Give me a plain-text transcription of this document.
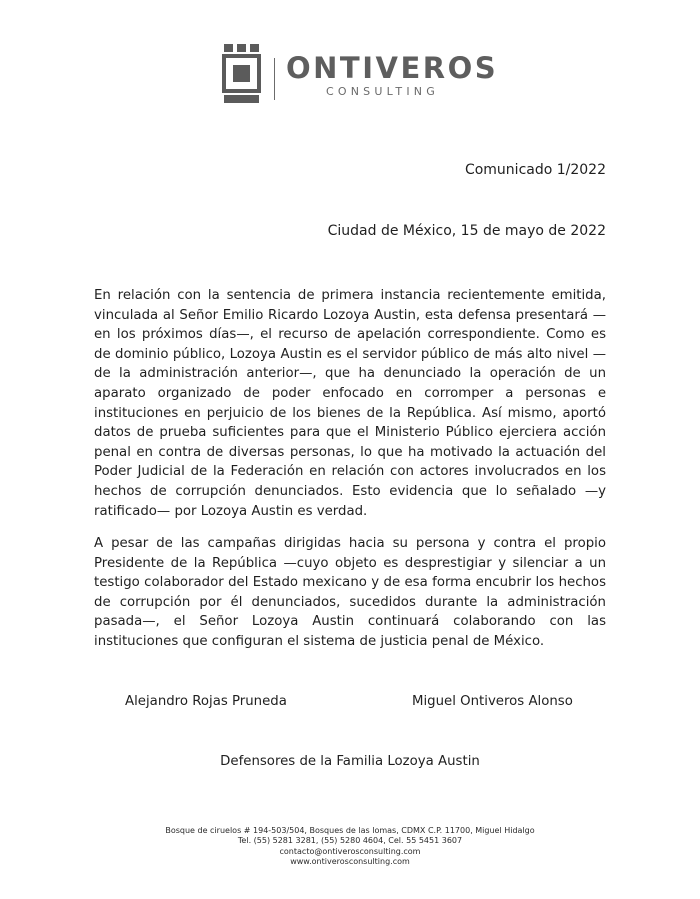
ONTIVEROS
CONSULTING
Comunicado 1/2022
Ciudad de México, 15 de mayo de 2022

En relación con la sentencia de primera instancia recientemente emitida, vinculada al Señor Emilio Ricardo Lozoya Austin, esta defensa presentará —en los próximos días—, el recurso de apelación correspondiente. Como es de dominio público, Lozoya Austin es el servidor público de más alto nivel —de la administración anterior—, que ha denunciado la operación de un aparato organizado de poder enfocado en corromper a personas e instituciones en perjuicio de los bienes de la República. Así mismo, aportó datos de prueba suficientes para que el Ministerio Público ejerciera acción penal en contra de diversas personas, lo que ha motivado la actuación del Poder Judicial de la Federación en relación con actores involucrados en los hechos de corrupción denunciados. Esto evidencia que lo señalado —y ratificado— por Lozoya Austin es verdad.

A pesar de las campañas dirigidas hacia su persona y contra el propio Presidente de la República —cuyo objeto es desprestigiar y silenciar a un testigo colaborador del Estado mexicano y de esa forma encubrir los hechos de corrupción por él denunciados, sucedidos durante la administración pasada—, el Señor Lozoya Austin continuará colaborando con las instituciones que configuran el sistema de justicia penal de México.

Alejandro Rojas Pruneda	Miguel Ontiveros Alonso
Defensores de la Familia Lozoya Austin
Bosque de ciruelos # 194-503/504, Bosques de las lomas, CDMX C.P. 11700, Miguel Hidalgo
Tel. (55) 5281 3281, (55) 5280 4604, Cel. 55 5451 3607
contacto@ontiverosconsulting.com
www.ontiverosconsulting.com
